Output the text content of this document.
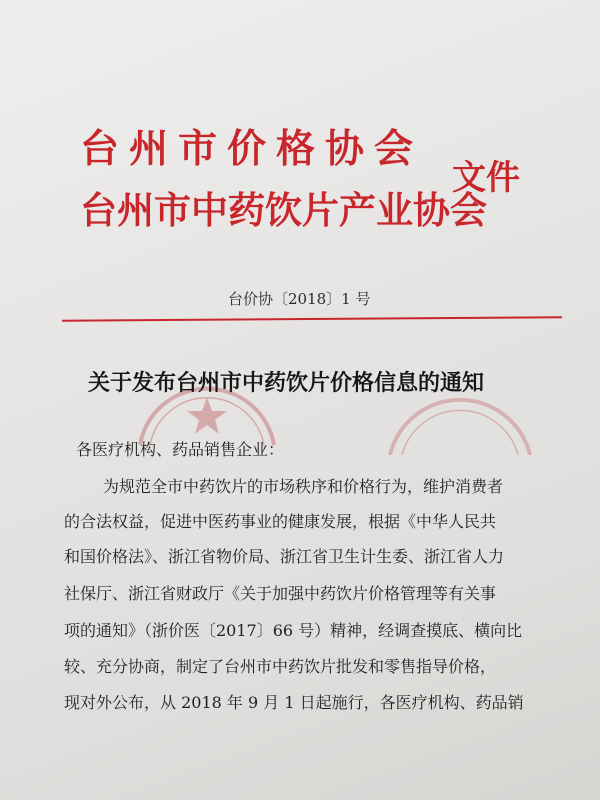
台州市价格协会
台州市中药饮片产业协会
文件
台价协〔2018〕1 号
关于发布台州市中药饮片价格信息的通知
各医疗机构、药品销售企业：
为规范全市中药饮片的市场秩序和价格行为，维护消费者
的合法权益，促进中医药事业的健康发展，根据《中华人民共
和国价格法》、浙江省物价局、浙江省卫生计生委、浙江省人力
社保厅、浙江省财政厅《关于加强中药饮片价格管理等有关事
项的通知》（浙价医〔2017〕66 号）精神，经调查摸底、横向比
较、充分协商，制定了台州市中药饮片批发和零售指导价格，
现对外公布，从 2018 年 9 月 1 日起施行，各医疗机构、药品销
